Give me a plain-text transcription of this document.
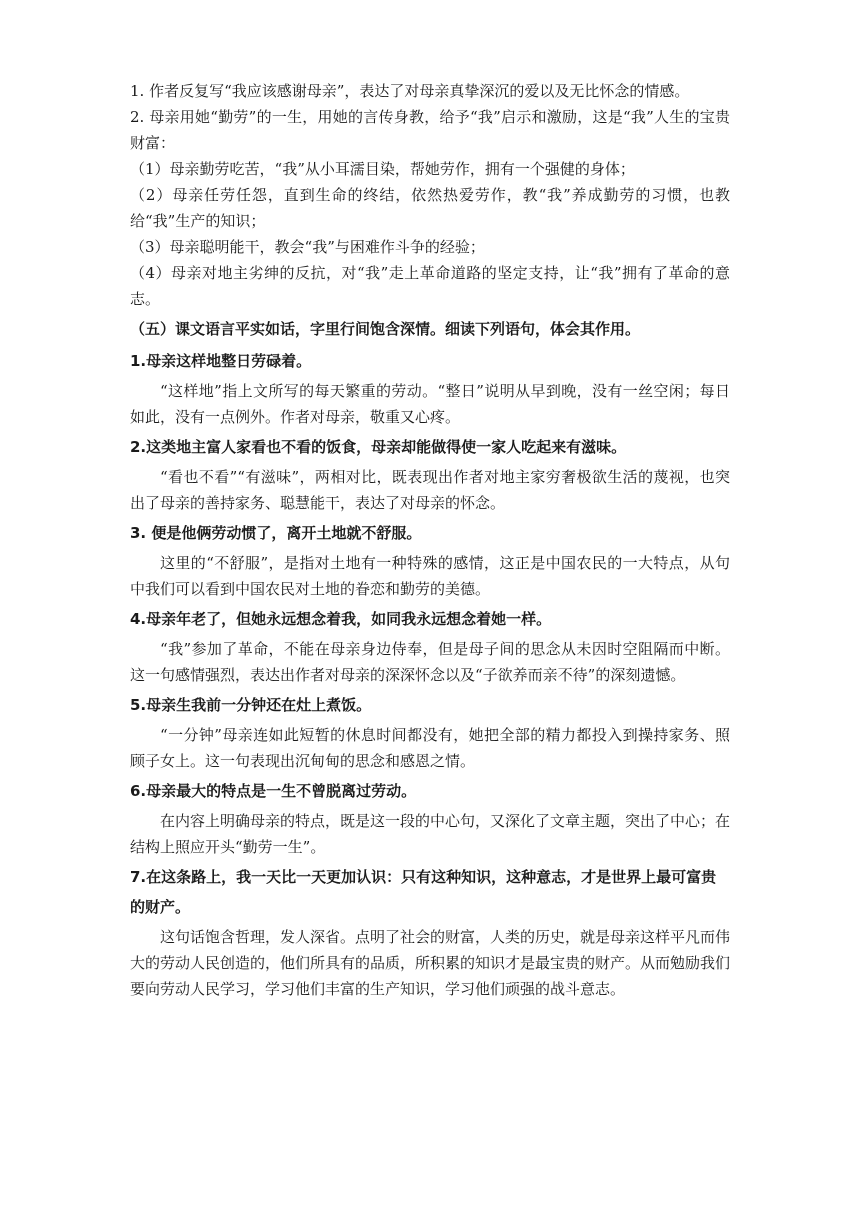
1. 作者反复写“我应该感谢母亲”，表达了对母亲真挚深沉的爱以及无比怀念的情感。

2. 母亲用她“勤劳”的一生，用她的言传身教，给予“我”启示和激励，这是“我”人生的宝贵财富：

（1）母亲勤劳吃苦，“我”从小耳濡目染，帮她劳作，拥有一个强健的身体；

（2）母亲任劳任怨，直到生命的终结，依然热爱劳作，教“我”养成勤劳的习惯，也教给“我”生产的知识；

（3）母亲聪明能干，教会“我”与困难作斗争的经验；

（4）母亲对地主劣绅的反抗，对“我”走上革命道路的坚定支持，让“我”拥有了革命的意志。

（五）课文语言平实如话，字里行间饱含深情。细读下列语句，体会其作用。

1.母亲这样地整日劳碌着。

“这样地”指上文所写的每天繁重的劳动。“整日”说明从早到晚，没有一丝空闲；每日如此，没有一点例外。作者对母亲，敬重又心疼。

2.这类地主富人家看也不看的饭食，母亲却能做得使一家人吃起来有滋味。

“看也不看”“有滋味”，两相对比，既表现出作者对地主家穷奢极欲生活的蔑视，也突出了母亲的善持家务、聪慧能干，表达了对母亲的怀念。

3. 便是他俩劳动惯了，离开土地就不舒服。

这里的“不舒服”，是指对土地有一种特殊的感情，这正是中国农民的一大特点，从句中我们可以看到中国农民对土地的眷恋和勤劳的美德。

4.母亲年老了，但她永远想念着我，如同我永远想念着她一样。

“我”参加了革命，不能在母亲身边侍奉，但是母子间的思念从未因时空阻隔而中断。这一句感情强烈，表达出作者对母亲的深深怀念以及“子欲养而亲不待”的深刻遗憾。

5.母亲生我前一分钟还在灶上煮饭。

“一分钟”母亲连如此短暂的休息时间都没有，她把全部的精力都投入到操持家务、照顾子女上。这一句表现出沉甸甸的思念和感恩之情。

6.母亲最大的特点是一生不曾脱离过劳动。

在内容上明确母亲的特点，既是这一段的中心句，又深化了文章主题，突出了中心；在结构上照应开头“勤劳一生”。

7.在这条路上，我一天比一天更加认识：只有这种知识，这种意志，才是世界上最可富贵的财产。

这句话饱含哲理，发人深省。点明了社会的财富，人类的历史，就是母亲这样平凡而伟大的劳动人民创造的，他们所具有的品质，所积累的知识才是最宝贵的财产。从而勉励我们要向劳动人民学习，学习他们丰富的生产知识，学习他们顽强的战斗意志。
